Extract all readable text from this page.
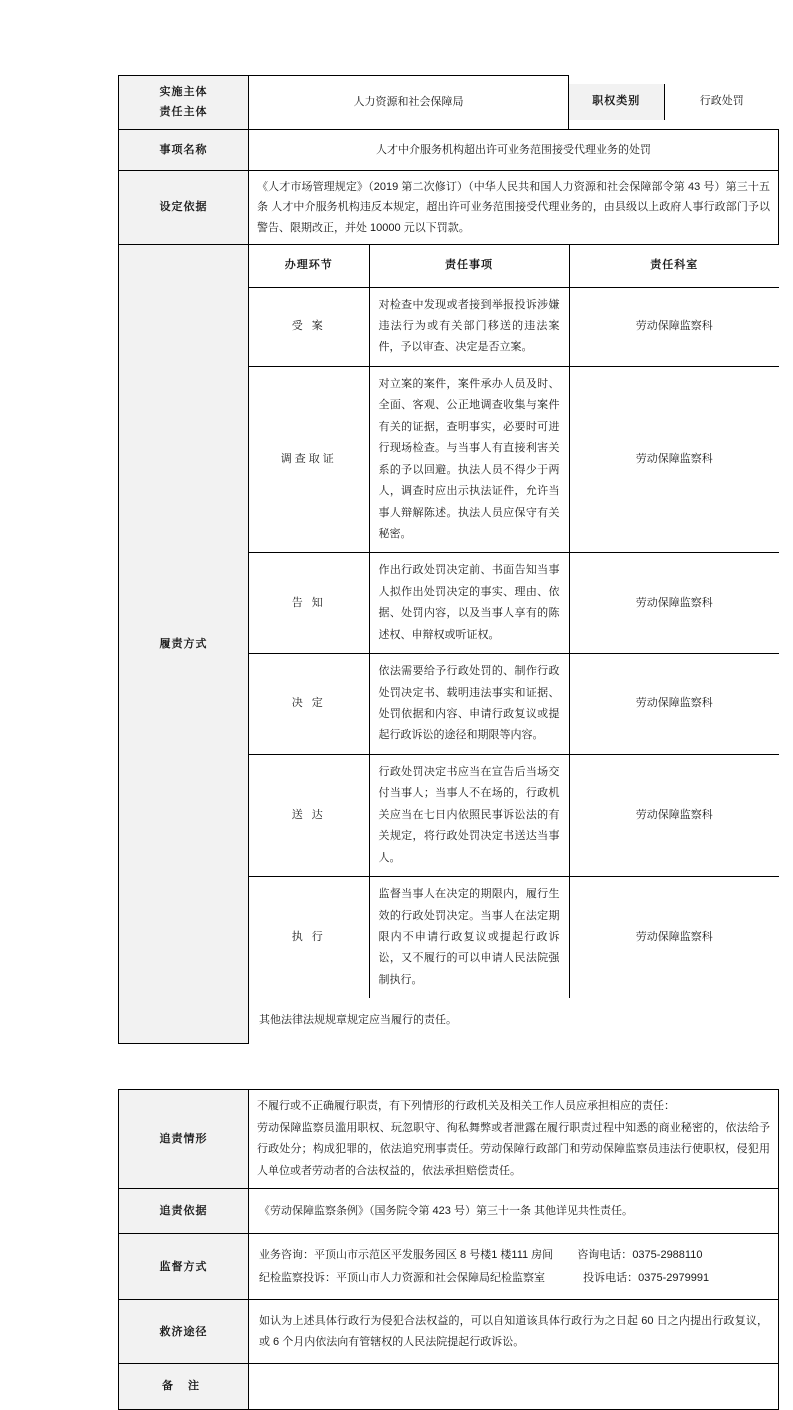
实施主体
责任主体
	人力资源和社会保障局		职权类别	行政处罚

事项名称	人才中介服务机构超出许可业务范围接受代理业务的处罚
设定依据	《人才市场管理规定》（2019 第二次修订）（中华人民共和国人力资源和社会保障部令第 43 号）第三十五条 人才中介服务机构违反本规定，超出许可业务范围接受代理业务的，由县级以上政府人事行政部门予以警告、限期改正，并处 10000 元以下罚款。
履责方式	
办理环节	责任事项	责任科室
受 案	对检查中发现或者接到举报投诉涉嫌违法行为或有关部门移送的违法案件，予以审查、决定是否立案。	劳动保障监察科
调查取证	对立案的案件，案件承办人员及时、全面、客观、公正地调查收集与案件有关的证据，查明事实，必要时可进行现场检查。与当事人有直接利害关系的予以回避。执法人员不得少于两人，调查时应出示执法证件，允许当事人辩解陈述。执法人员应保守有关秘密。	劳动保障监察科
告 知	作出行政处罚决定前、书面告知当事人拟作出处罚决定的事实、理由、依据、处罚内容，以及当事人享有的陈述权、申辩权或听证权。	劳动保障监察科
决 定	依法需要给予行政处罚的、制作行政处罚决定书、载明违法事实和证据、处罚依据和内容、申请行政复议或提起行政诉讼的途径和期限等内容。	劳动保障监察科
送 达	行政处罚决定书应当在宣告后当场交付当事人；当事人不在场的，行政机关应当在七日内依照民事诉讼法的有关规定，将行政处罚决定书送达当事人。	劳动保障监察科
执 行	监督当事人在决定的期限内，履行生效的行政处罚决定。当事人在法定期限内不申请行政复议或提起行政诉讼，又不履行的可以申请人民法院强制执行。	劳动保障监察科
其他法律法规规章规定应当履行的责任。
追责情形	不履行或不正确履行职责，有下列情形的行政机关及相关工作人员应承担相应的责任：
劳动保障监察员滥用职权、玩忽职守、徇私舞弊或者泄露在履行职责过程中知悉的商业秘密的，依法给予行政处分；构成犯罪的，依法追究刑事责任。劳动保障行政部门和劳动保障监察员违法行使职权，侵犯用人单位或者劳动者的合法权益的，依法承担赔偿责任。

追责依据	《劳动保障监察条例》（国务院令第 423 号）第三十一条 其他详见共性责任。
监督方式	业务咨询：平顶山市示范区平发服务园区 8 号楼1 楼111 房间 咨询电话：0375-2988110
纪检监察投诉：平顶山市人力资源和社会保障局纪检监察室 投诉电话：0375-2979991

救济途径	如认为上述具体行政行为侵犯合法权益的，可以自知道该具体行政行为之日起 60 日之内提出行政复议，或 6 个月内依法向有管辖权的人民法院提起行政诉讼。
备 注	
